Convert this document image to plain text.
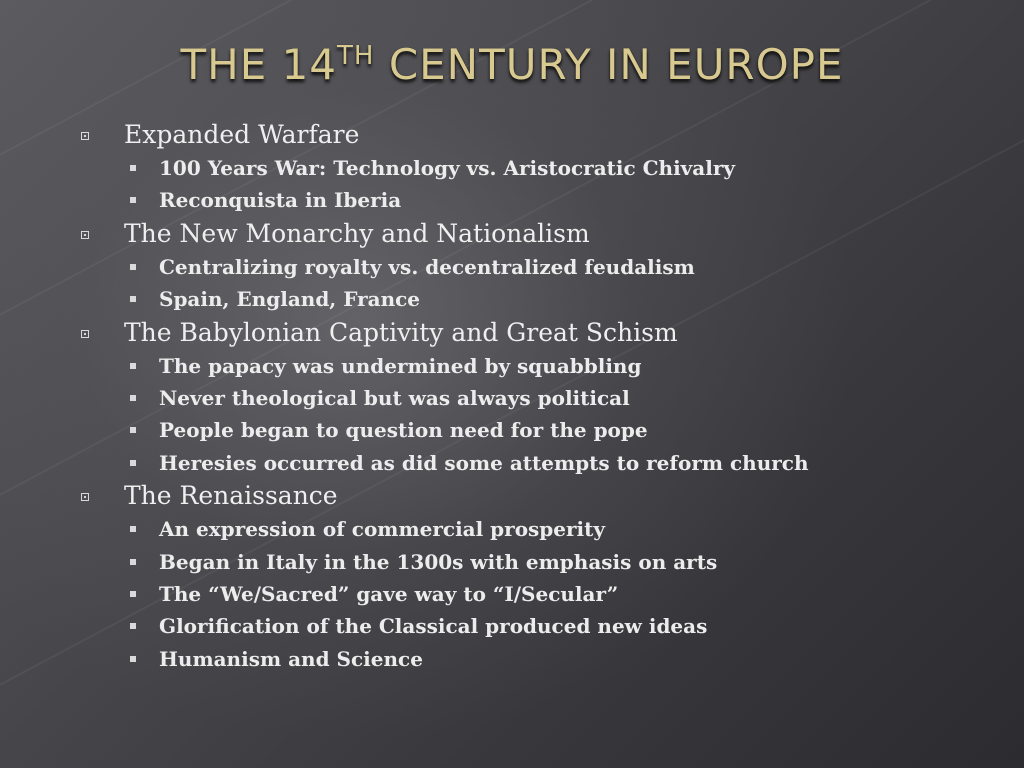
THE 14TH CENTURY IN EUROPE
Expanded Warfare
100 Years War: Technology vs. Aristocratic Chivalry
Reconquista in Iberia
The New Monarchy and Nationalism
Centralizing royalty vs. decentralized feudalism
Spain, England, France
The Babylonian Captivity and Great Schism
The papacy was undermined by squabbling
Never theological but was always political
People began to question need for the pope
Heresies occurred as did some attempts to reform church
The Renaissance
An expression of commercial prosperity
Began in Italy in the 1300s with emphasis on arts
The “We/Sacred” gave way to “I/Secular”
Glorification of the Classical produced new ideas
Humanism and Science
